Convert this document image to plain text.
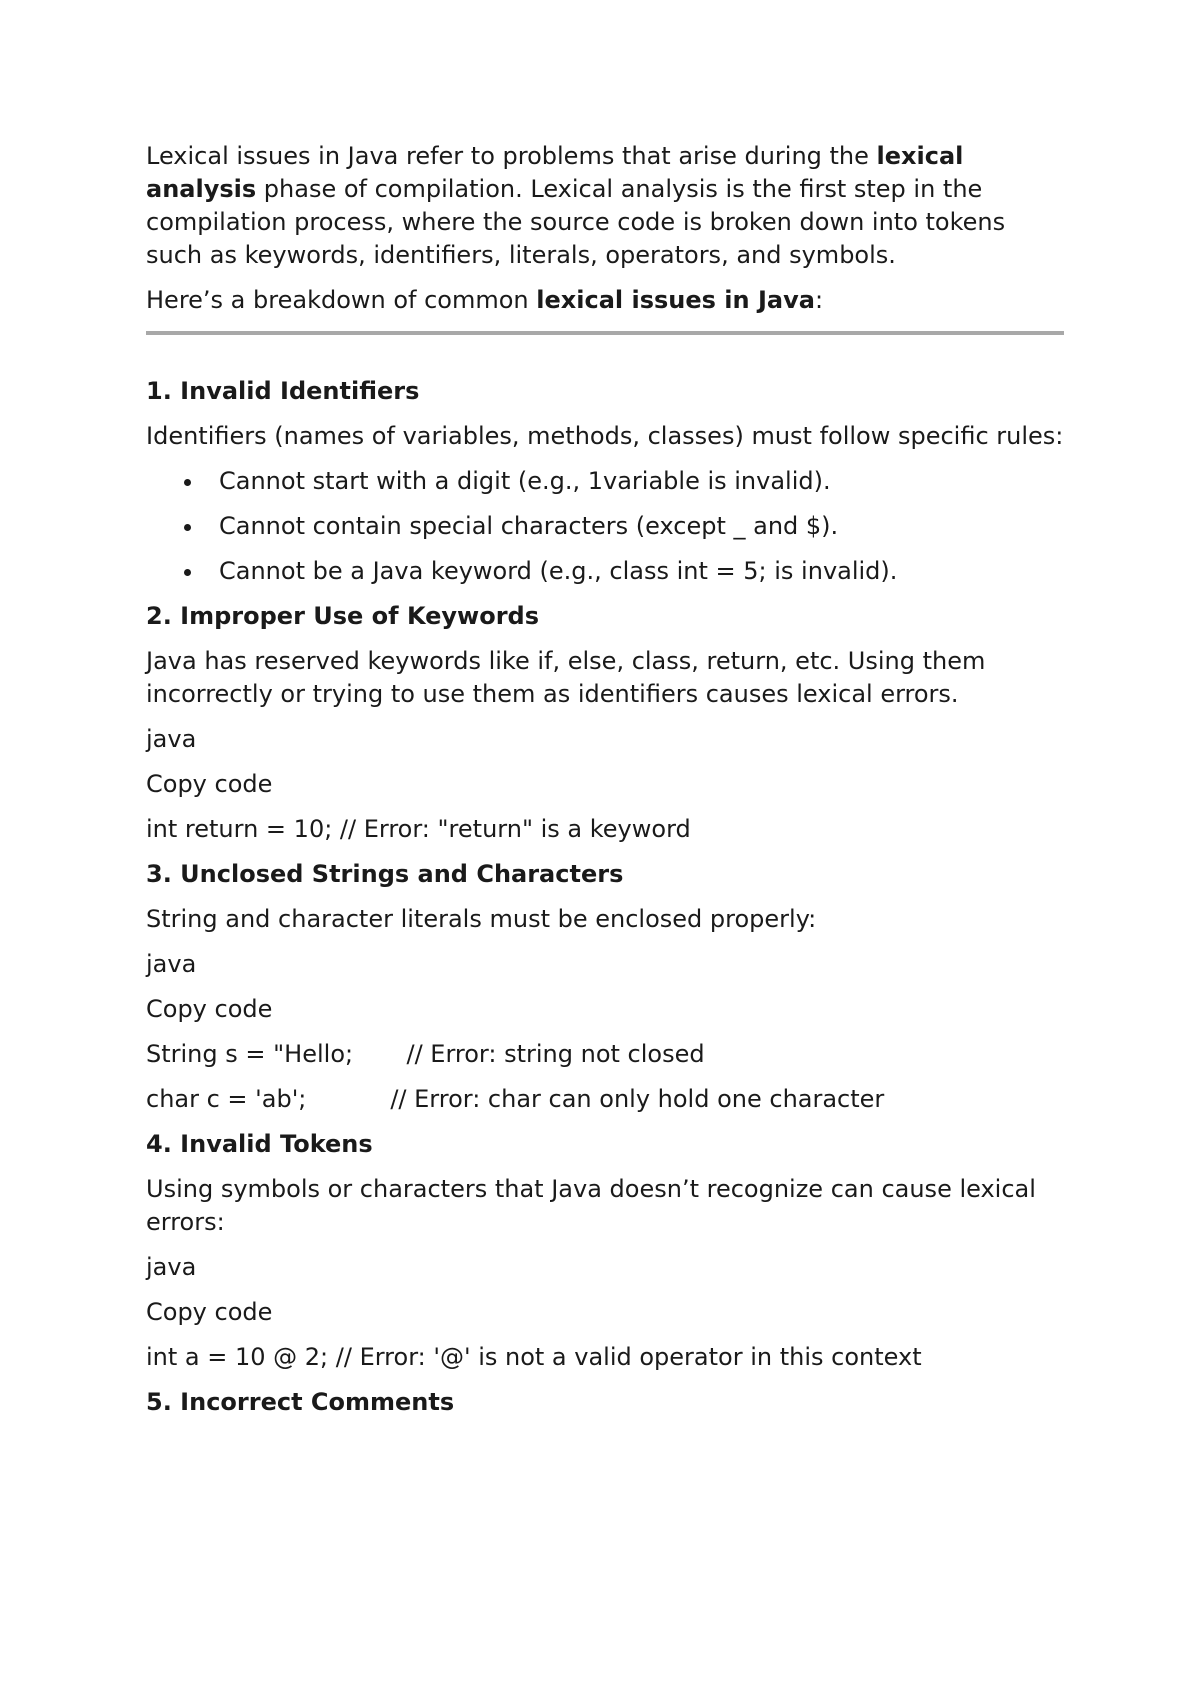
Lexical issues in Java refer to problems that arise during the lexical analysis phase of compilation. Lexical analysis is the first step in the compilation process, where the source code is broken down into tokens such as keywords, identifiers, literals, operators, and symbols.

Here’s a breakdown of common lexical issues in Java:

1. Invalid Identifiers

Identifiers (names of variables, methods, classes) must follow specific rules:

Cannot start with a digit (e.g., 1variable is invalid).
Cannot contain special characters (except _ and $).
Cannot be a Java keyword (e.g., class int = 5; is invalid).

2. Improper Use of Keywords

Java has reserved keywords like if, else, class, return, etc. Using them incorrectly or trying to use them as identifiers causes lexical errors.

java

Copy code

int return = 10; // Error: "return" is a keyword

3. Unclosed Strings and Characters

String and character literals must be enclosed properly:

java

Copy code

String s = "Hello;       // Error: string not closed

char c = 'ab';           // Error: char can only hold one character

4. Invalid Tokens

Using symbols or characters that Java doesn’t recognize can cause lexical errors:

java

Copy code

int a = 10 @ 2; // Error: '@' is not a valid operator in this context

5. Incorrect Comments
